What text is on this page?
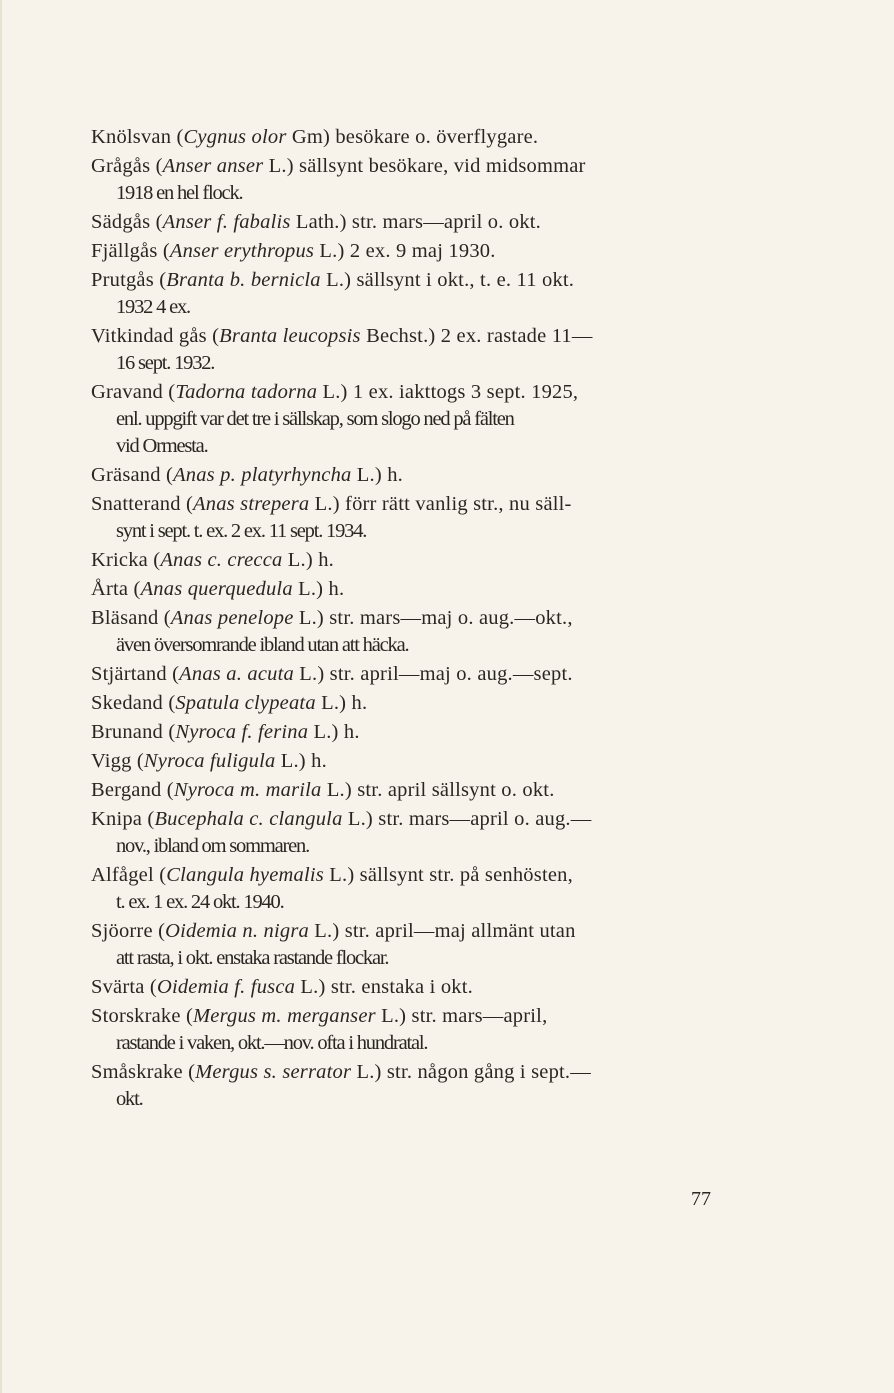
Knölsvan (Cygnus olor Gm) besökare o. överflygare.
Grågås (Anser anser L.) sällsynt besökare, vid midsommar
1918 en hel flock.
Sädgås (Anser f. fabalis Lath.) str. mars—april o. okt.
Fjällgås (Anser erythropus L.) 2 ex. 9 maj 1930.
Prutgås (Branta b. bernicla L.) sällsynt i okt., t. e. 11 okt.
1932 4 ex.
Vitkindad gås (Branta leucopsis Bechst.) 2 ex. rastade 11—
16 sept. 1932.
Gravand (Tadorna tadorna L.) 1 ex. iakttogs 3 sept. 1925,
enl. uppgift var det tre i sällskap, som slogo ned på fälten
vid Ormesta.
Gräsand (Anas p. platyrhyncha L.) h.
Snatterand (Anas strepera L.) förr rätt vanlig str., nu säll-
synt i sept. t. ex. 2 ex. 11 sept. 1934.
Kricka (Anas c. crecca L.) h.
Årta (Anas querquedula L.) h.
Bläsand (Anas penelope L.) str. mars—maj o. aug.—okt.,
även översomrande ibland utan att häcka.
Stjärtand (Anas a. acuta L.) str. april—maj o. aug.—sept.
Skedand (Spatula clypeata L.) h.
Brunand (Nyroca f. ferina L.) h.
Vigg (Nyroca fuligula L.) h.
Bergand (Nyroca m. marila L.) str. april sällsynt o. okt.
Knipa (Bucephala c. clangula L.) str. mars—april o. aug.—
nov., ibland om sommaren.
Alfågel (Clangula hyemalis L.) sällsynt str. på senhösten,
t. ex. 1 ex. 24 okt. 1940.
Sjöorre (Oidemia n. nigra L.) str. april—maj allmänt utan
att rasta, i okt. enstaka rastande flockar.
Svärta (Oidemia f. fusca L.) str. enstaka i okt.
Storskrake (Mergus m. merganser L.) str. mars—april,
rastande i vaken, okt.—nov. ofta i hundratal.
Småskrake (Mergus s. serrator L.) str. någon gång i sept.—
okt.
77
